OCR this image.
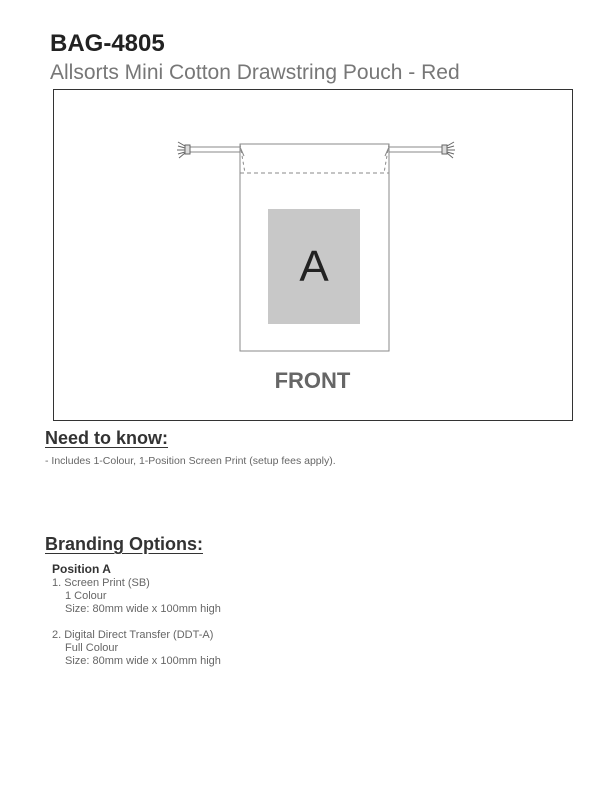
BAG-4805
Allsorts Mini Cotton Drawstring Pouch - Red
A
FRONT
Need to know:
- Includes 1-Colour, 1-Position Screen Print (setup fees apply).
Branding Options:
Position A
1. Screen Print (SB)
1 Colour
Size: 80mm wide x 100mm high
2. Digital Direct Transfer (DDT-A)
Full Colour
Size: 80mm wide x 100mm high
